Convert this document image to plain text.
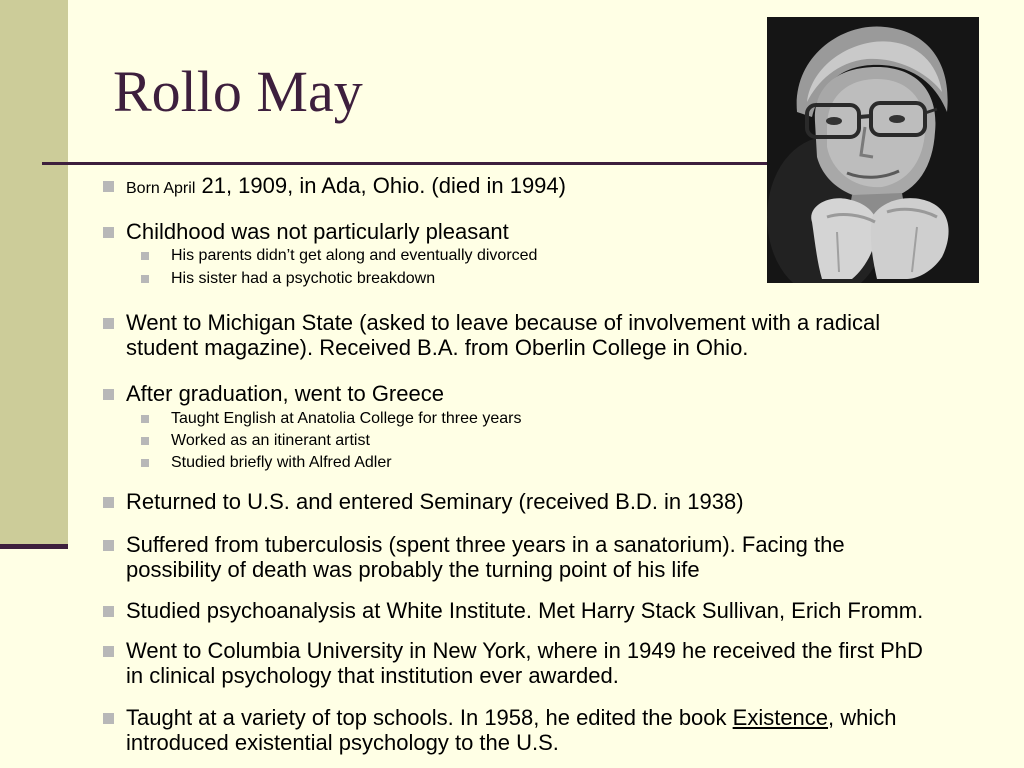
Rollo May
Born April 21, 1909, in Ada, Ohio. (died in 1994)
Childhood was not particularly pleasant
His parents didn’t get along and eventually divorced
His sister had a psychotic breakdown
Went to Michigan State (asked to leave because of involvement with a radical
student magazine). Received B.A. from Oberlin College in Ohio.
After graduation, went to Greece
Taught English at Anatolia College for three years
Worked as an itinerant artist
Studied briefly with Alfred Adler
Returned to U.S. and entered Seminary (received B.D. in 1938)
Suffered from tuberculosis (spent three years in a sanatorium). Facing the
possibility of death was probably the turning point of his life
Studied psychoanalysis at White Institute. Met Harry Stack Sullivan, Erich Fromm.
Went to Columbia University in New York, where in 1949 he received the first PhD
in clinical psychology that institution ever awarded.
Taught at a variety of top schools. In 1958, he edited the book Existence, which
introduced existential psychology to the U.S.
